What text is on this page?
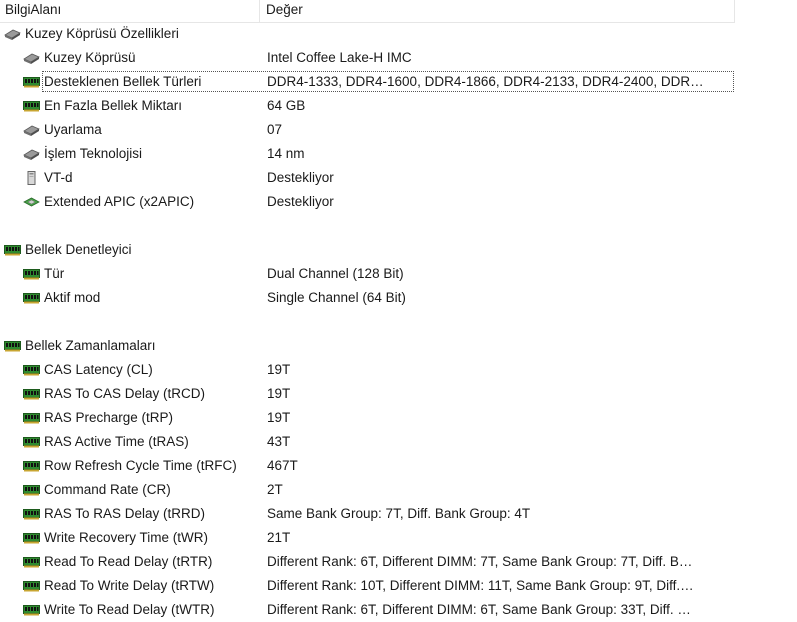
BilgiAlanı	Değer
Kuzey Köprüsü Özellikleri
Kuzey Köprüsü	Intel Coffee Lake-H IMC
Desteklenen Bellek Türleri	DDR4-1333, DDR4-1600, DDR4-1866, DDR4-2133, DDR4-2400, DDR…
En Fazla Bellek Miktarı	64 GB
Uyarlama	07
İşlem Teknolojisi	14 nm
VT-d	Destekliyor
Extended APIC (x2APIC)	Destekliyor
Bellek Denetleyici
Tür	Dual Channel (128 Bit)
Aktif mod	Single Channel (64 Bit)
Bellek Zamanlamaları
CAS Latency (CL)	19T
RAS To CAS Delay (tRCD)	19T
RAS Precharge (tRP)	19T
RAS Active Time (tRAS)	43T
Row Refresh Cycle Time (tRFC) 467T
Command Rate (CR)	2T
RAS To RAS Delay (tRRD)	Same Bank Group: 7T, Diff. Bank Group: 4T
Write Recovery Time (tWR)	21T
Read To Read Delay (tRTR)	Different Rank: 6T, Different DIMM: 7T, Same Bank Group: 7T, Diff. B…
Read To Write Delay (tRTW)	Different Rank: 10T, Different DIMM: 11T, Same Bank Group: 9T, Diff.…
Write To Read Delay (tWTR)	Different Rank: 6T, Different DIMM: 6T, Same Bank Group: 33T, Diff. …
